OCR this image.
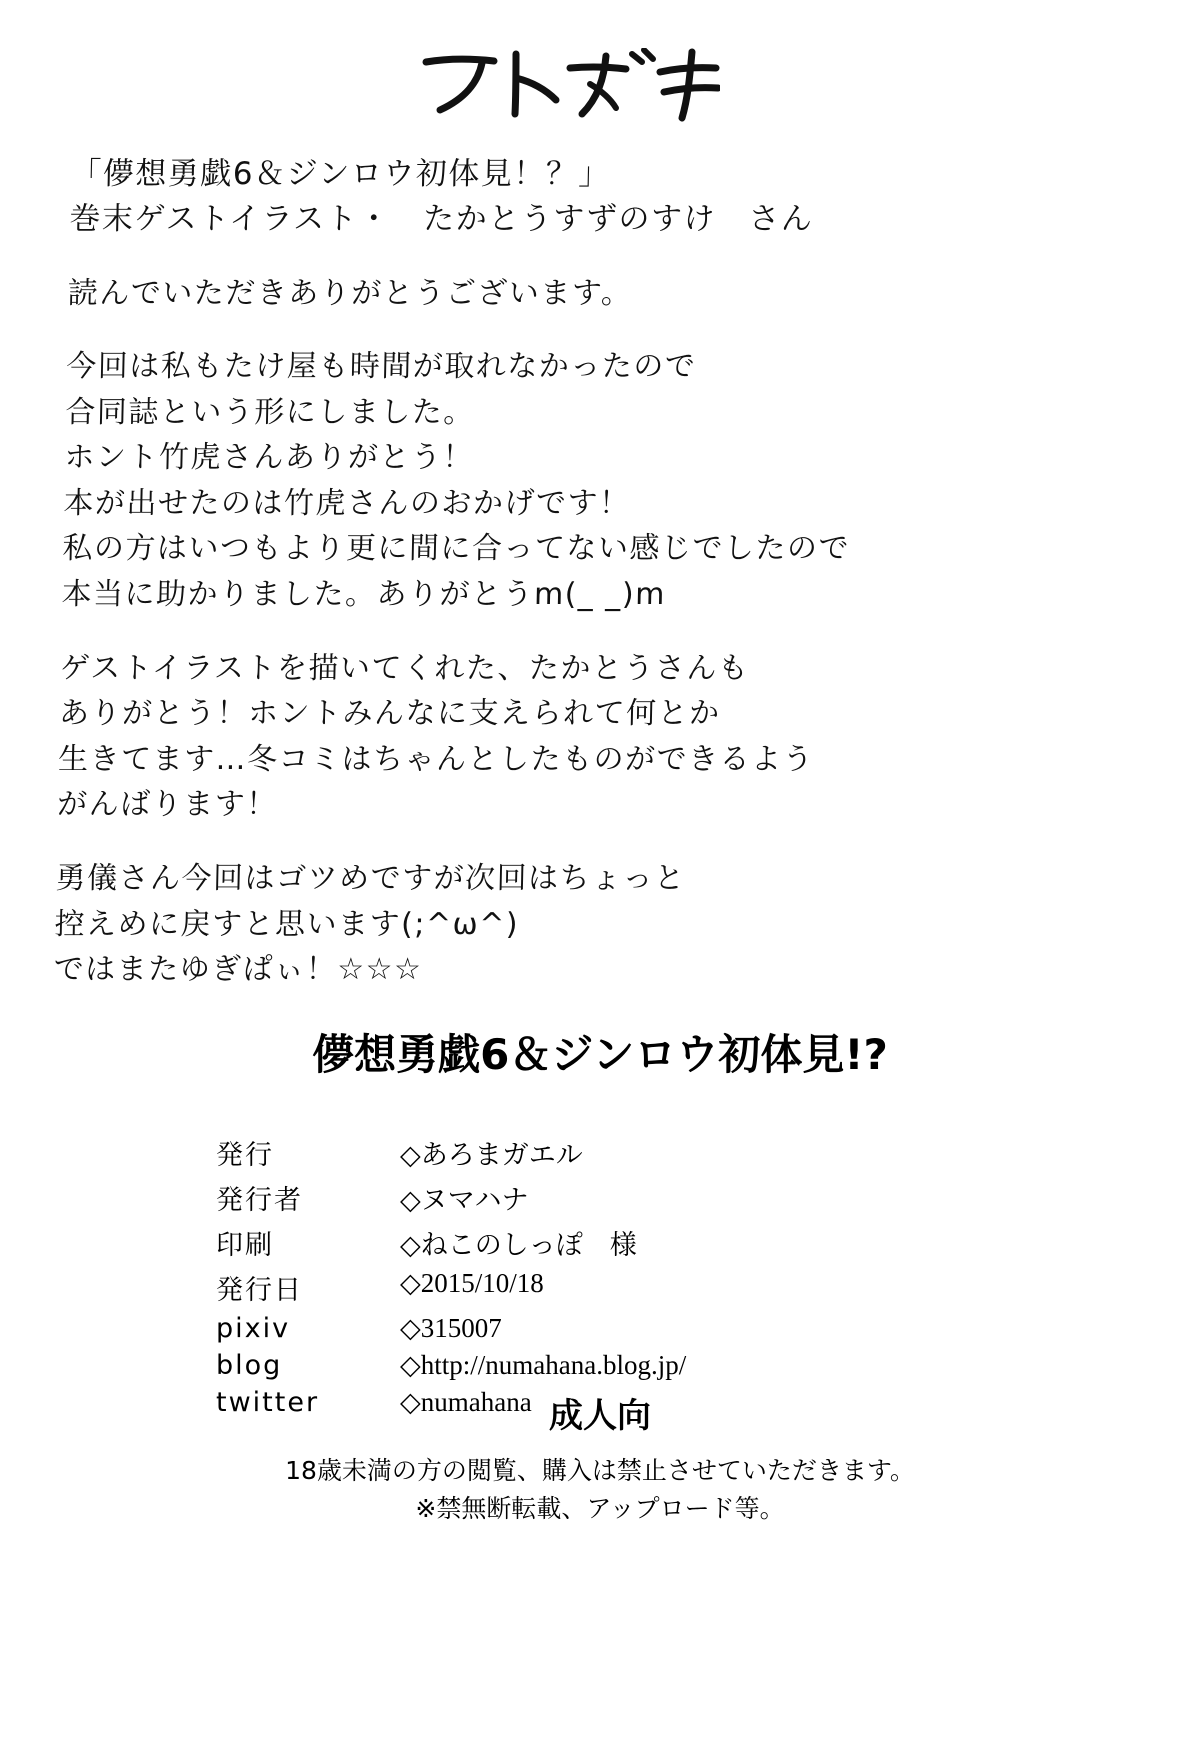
「儚想勇戯6＆ジンロウ初体見！？」
巻末ゲストイラスト・　たかとうすずのすけ　さん

読んでいただきありがとうございます。

今回は私もたけ屋も時間が取れなかったので
合同誌という形にしました。
ホント竹虎さんありがとう！
本が出せたのは竹虎さんのおかげです！
私の方はいつもより更に間に合ってない感じでしたので
本当に助かりました。ありがとうm(_ _)m

ゲストイラストを描いてくれた、たかとうさんも
ありがとう！ホントみんなに支えられて何とか
生きてます…冬コミはちゃんとしたものができるよう
がんばります！

勇儀さん今回はゴツめですが次回はちょっと
控えめに戻すと思います(;^ω^)
ではまたゆぎぱぃ！☆☆☆

儚想勇戯6＆ジンロウ初体見!?
発行	◇あろまガエル
発行者	◇ヌマハナ
印刷	◇ねこのしっぽ　様
発行日	◇2015/10/18
pixiv	◇315007
blog	◇http://numahana.blog.jp/
twitter	◇numahana 成人向
18歳未満の方の閲覧、購入は禁止させていただきます。
※禁無断転載、アップロード等。
